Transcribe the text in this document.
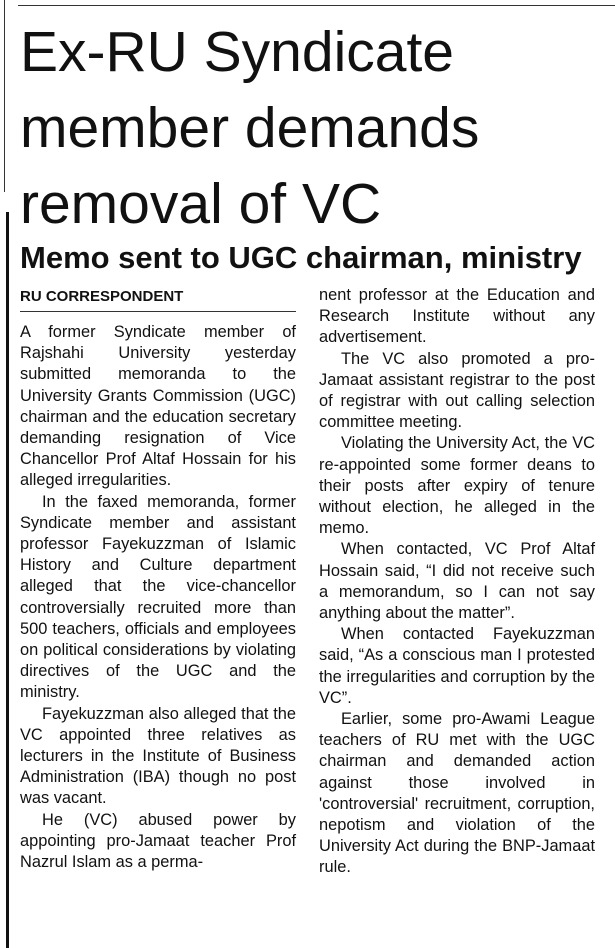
Ex-RU Syndicate
member demands
removal of VC
Memo sent to UGC chairman, ministry
RU CORRESPONDENT

A former Syndicate member of Rajshahi University yesterday submitted memoranda to the University Grants Commission (UGC) chairman and the education secretary demanding resignation of Vice Chancellor Prof Altaf Hossain for his alleged irregularities.

In the faxed memoranda, former Syndicate member and assistant professor Fayekuzzman of Islamic History and Culture department alleged that the vice-chancellor controversially recruited more than 500 teachers, officials and employees on political considerations by violating directives of the UGC and the ministry.

Fayekuzzman also alleged that the VC appointed three relatives as lecturers in the Institute of Business Administration (IBA) though no post was vacant.

He (VC) abused power by appointing pro-Jamaat teacher Prof Nazrul Islam as a perma-

nent professor at the Education and Research Institute without any advertisement.

The VC also promoted a pro-Jamaat assistant registrar to the post of registrar with out calling selection committee meeting.

Violating the University Act, the VC re-appointed some former deans to their posts after expiry of tenure without election, he alleged in the memo.

When contacted, VC Prof Altaf Hossain said, “I did not receive such a memorandum, so I can not say anything about the matter”.

When contacted Fayekuzzman said, “As a conscious man I protested the irregularities and corruption by the VC”.

Earlier, some pro-Awami League teachers of RU met with the UGC chairman and demanded action against those involved in 'controversial' recruitment, corruption, nepotism and violation of the University Act during the BNP-Jamaat rule.
